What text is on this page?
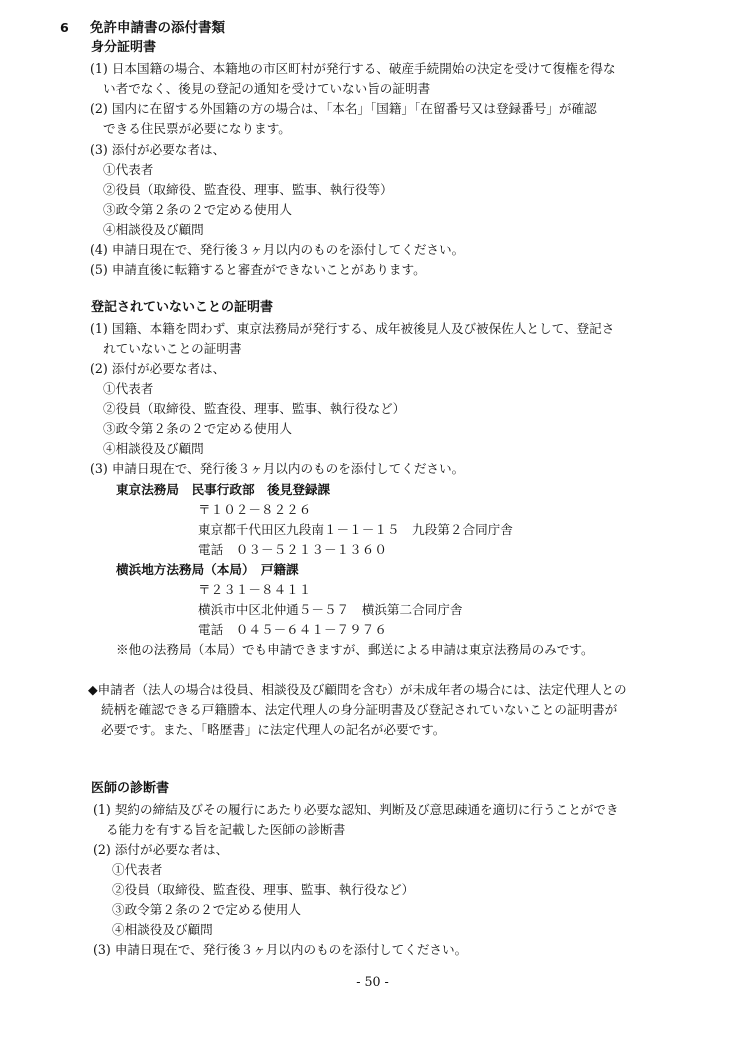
6 免許申請書の添付書類
身分証明書
(1) 日本国籍の場合、本籍地の市区町村が発行する、破産手続開始の決定を受けて復権を得な
い者でなく、後見の登記の通知を受けていない旨の証明書
(2) 国内に在留する外国籍の方の場合は、「本名」「国籍」「在留番号又は登録番号」が確認
できる住民票が必要になります。
(3) 添付が必要な者は、
①代表者
②役員（取締役、監査役、理事、監事、執行役等）
③政令第２条の２で定める使用人
④相談役及び顧問
(4) 申請日現在で、発行後３ヶ月以内のものを添付してください。
(5) 申請直後に転籍すると審査ができないことがあります。
登記されていないことの証明書
(1) 国籍、本籍を問わず、東京法務局が発行する、成年被後見人及び被保佐人として、登記さ
れていないことの証明書
(2) 添付が必要な者は、
①代表者
②役員（取締役、監査役、理事、監事、執行役など）
③政令第２条の２で定める使用人
④相談役及び顧問
(3) 申請日現在で、発行後３ヶ月以内のものを添付してください。
東京法務局　民事行政部　後見登録課
〒１０２－８２２６
東京都千代田区九段南１－１－１５　九段第２合同庁舎
電話　０３－５２１３－１３６０
横浜地方法務局（本局）　戸籍課
〒２３１－８４１１
横浜市中区北仲通５－５７　横浜第二合同庁舎
電話　０４５－６４１－７９７６
※他の法務局（本局）でも申請できますが、郵送による申請は東京法務局のみです。
◆申請者（法人の場合は役員、相談役及び顧問を含む）が未成年者の場合には、法定代理人との
続柄を確認できる戸籍謄本、法定代理人の身分証明書及び登記されていないことの証明書が
必要です。また、「略歴書」に法定代理人の記名が必要です。
医師の診断書
(1) 契約の締結及びその履行にあたり必要な認知、判断及び意思疎通を適切に行うことができ
る能力を有する旨を記載した医師の診断書
(2) 添付が必要な者は、
①代表者
②役員（取締役、監査役、理事、監事、執行役など）
③政令第２条の２で定める使用人
④相談役及び顧問
(3) 申請日現在で、発行後３ヶ月以内のものを添付してください。
- 50 -
